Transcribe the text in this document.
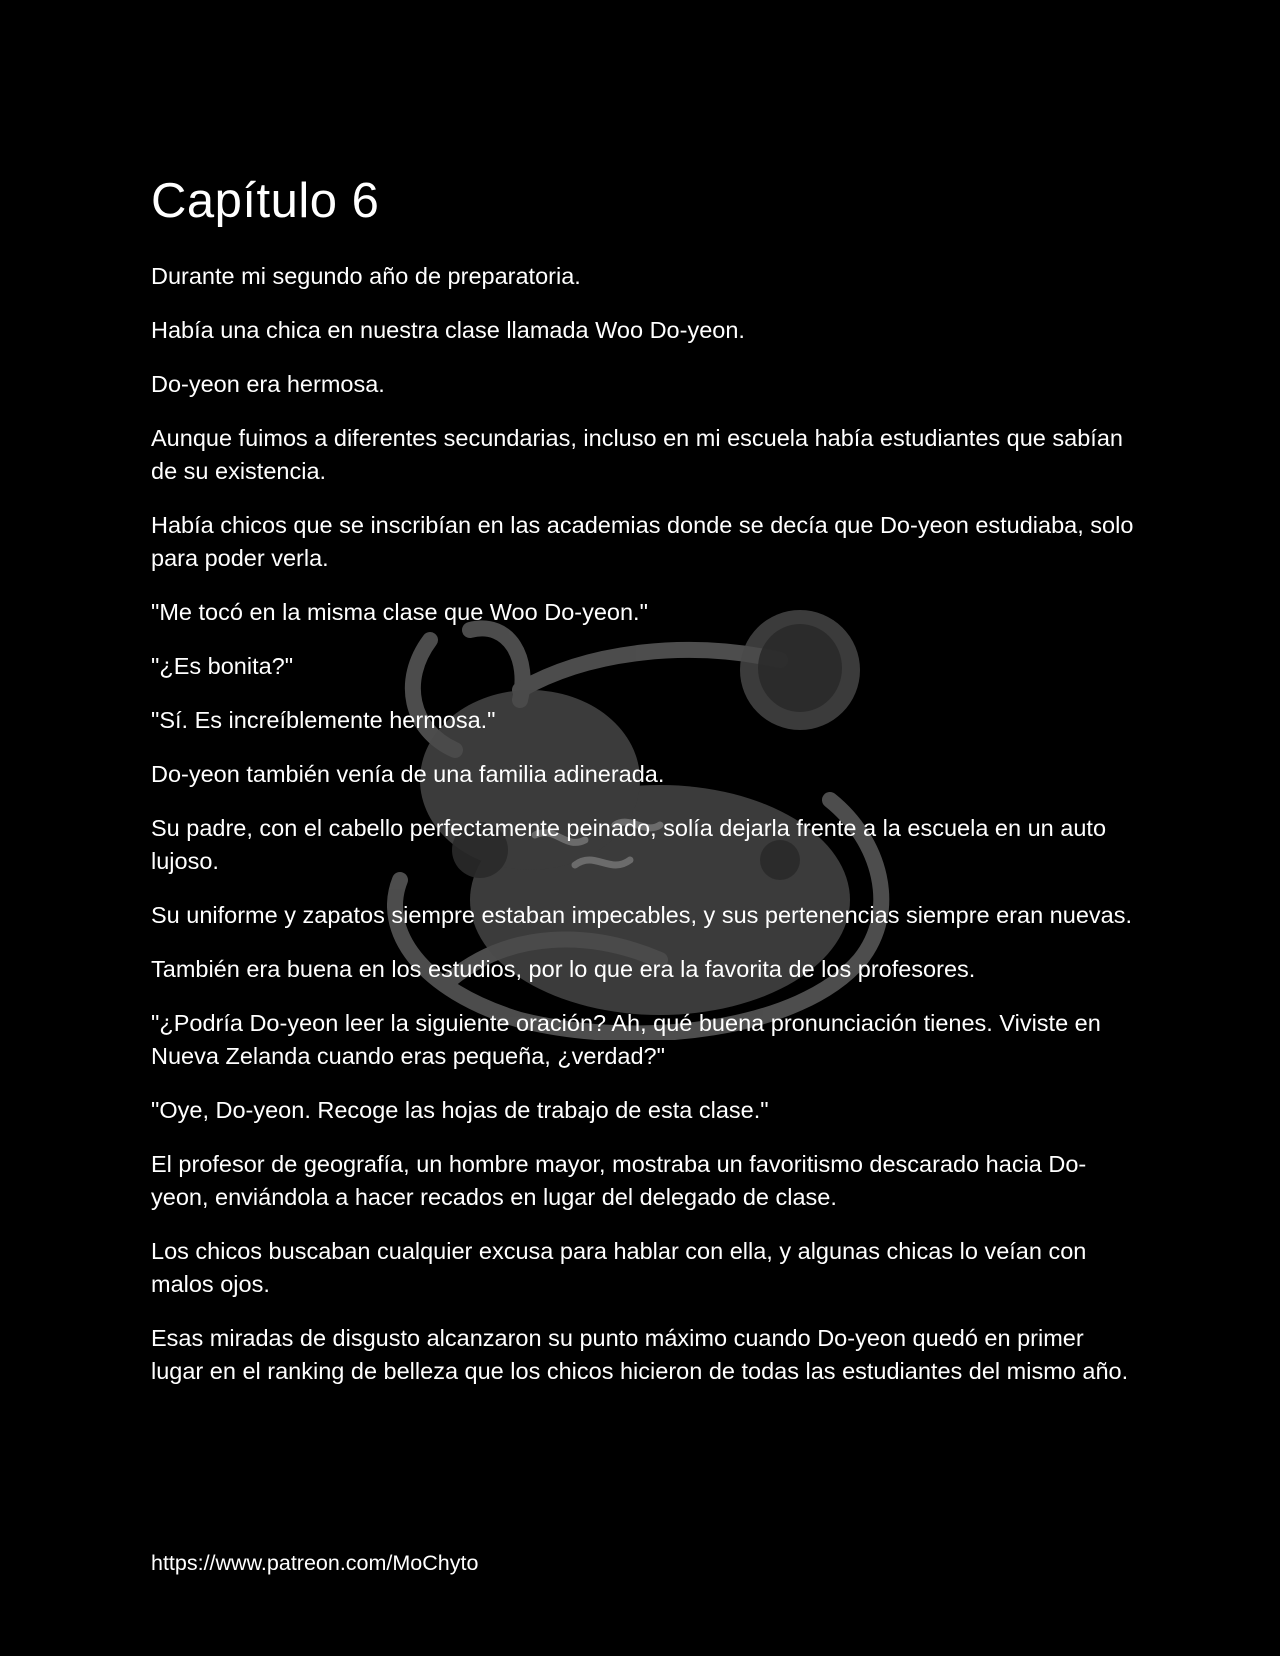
Capítulo 6

Durante mi segundo año de preparatoria.

Había una chica en nuestra clase llamada Woo Do-yeon.

Do-yeon era hermosa.

Aunque fuimos a diferentes secundarias, incluso en mi escuela había estudiantes que sabían de su existencia.

Había chicos que se inscribían en las academias donde se decía que Do-yeon estudiaba, solo para poder verla.

"Me tocó en la misma clase que Woo Do-yeon."

"¿Es bonita?"

"Sí. Es increíblemente hermosa."

Do-yeon también venía de una familia adinerada.

Su padre, con el cabello perfectamente peinado, solía dejarla frente a la escuela en un auto lujoso.

Su uniforme y zapatos siempre estaban impecables, y sus pertenencias siempre eran nuevas.

También era buena en los estudios, por lo que era la favorita de los profesores.

"¿Podría Do-yeon leer la siguiente oración? Ah, qué buena pronunciación tienes. Viviste en Nueva Zelanda cuando eras pequeña, ¿verdad?"

"Oye, Do-yeon. Recoge las hojas de trabajo de esta clase."

El profesor de geografía, un hombre mayor, mostraba un favoritismo descarado hacia Do-yeon, enviándola a hacer recados en lugar del delegado de clase.

Los chicos buscaban cualquier excusa para hablar con ella, y algunas chicas lo veían con malos ojos.

Esas miradas de disgusto alcanzaron su punto máximo cuando Do-yeon quedó en primer lugar en el ranking de belleza que los chicos hicieron de todas las estudiantes del mismo año.

https://www.patreon.com/MoChyto
